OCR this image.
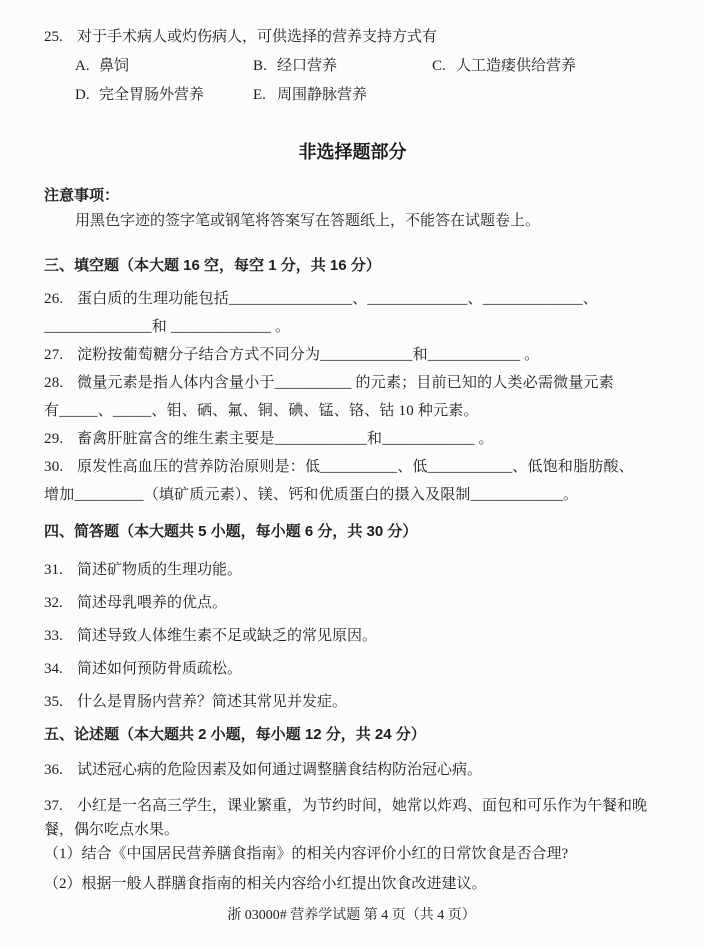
25. 对于手术病人或灼伤病人，可供选择的营养支持方式有
A. 鼻饲	B. 经口营养	C. 人工造瘘供给营养
D. 完全胃肠外营养	E. 周围静脉营养
非选择题部分
注意事项：
用黑色字迹的签字笔或钢笔将答案写在答题纸上，不能答在试题卷上。
三、填空题（本大题 16 空，每空 1 分，共 16 分）
26. 蛋白质的生理功能包括________________、_____________、_____________、
______________和 _____________ 。
27. 淀粉按葡萄糖分子结合方式不同分为____________和____________ 。
28. 微量元素是指人体内含量小于__________ 的元素；目前已知的人类必需微量元素
有_____、_____、钼、硒、氟、铜、碘、锰、铬、钴 10 种元素。
29. 畜禽肝脏富含的维生素主要是____________和____________ 。
30. 原发性高血压的营养防治原则是：低__________、低___________、低饱和脂肪酸、
增加_________（填矿质元素）、镁、钙和优质蛋白的摄入及限制____________。
四、简答题（本大题共 5 小题，每小题 6 分，共 30 分）
31. 简述矿物质的生理功能。
32. 简述母乳喂养的优点。
33. 简述导致人体维生素不足或缺乏的常见原因。
34. 简述如何预防骨质疏松。
35. 什么是胃肠内营养？简述其常见并发症。
五、论述题（本大题共 2 小题，每小题 12 分，共 24 分）
36. 试述冠心病的危险因素及如何通过调整膳食结构防治冠心病。
37. 小红是一名高三学生，课业繁重，为节约时间，她常以炸鸡、面包和可乐作为午餐和晚
餐，偶尔吃点水果。
（1）结合《中国居民营养膳食指南》的相关内容评价小红的日常饮食是否合理?
（2）根据一般人群膳食指南的相关内容给小红提出饮食改进建议。
浙 03000# 营养学试题 第 4 页（共 4 页）
